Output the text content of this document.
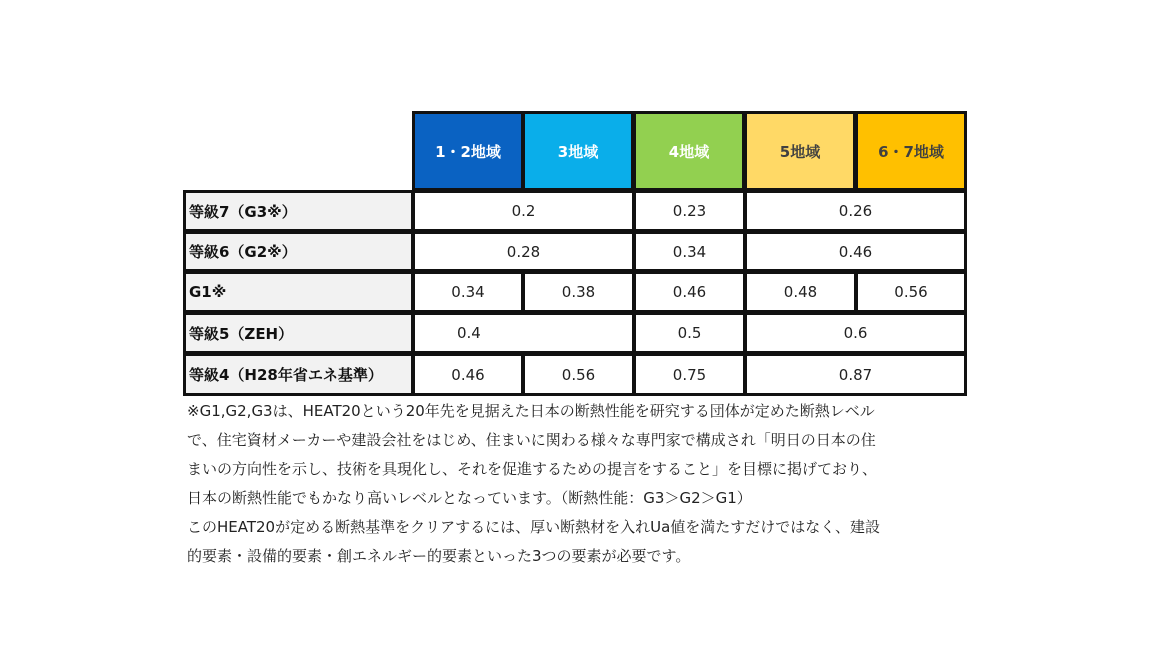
1・2地域	3地域	4地域	5地域	6・7地域
等級7（G3※）	0.2	0.23	0.26
等級6（G2※）	0.28	0.34	0.46
G1※	0.34	0.38	0.46	0.48	0.56
等級5（ZEH）	0.4	0.5	0.6
等級4（H28年省エネ基準）	0.46	0.56	0.75	0.87

※G1,G2,G3は、HEAT20という20年先を見据えた日本の断熱性能を研究する団体が定めた断熱レベル

で、住宅資材メーカーや建設会社をはじめ、住まいに関わる様々な専門家で構成され「明日の日本の住

まいの方向性を示し、技術を具現化し、それを促進するための提言をすること」を目標に掲げており、

日本の断熱性能でもかなり高いレベルとなっています。（断熱性能：G3＞G2＞G1）

このHEAT20が定める断熱基準をクリアするには、厚い断熱材を入れUa値を満たすだけではなく、建設

的要素・設備的要素・創エネルギー的要素といった3つの要素が必要です。
